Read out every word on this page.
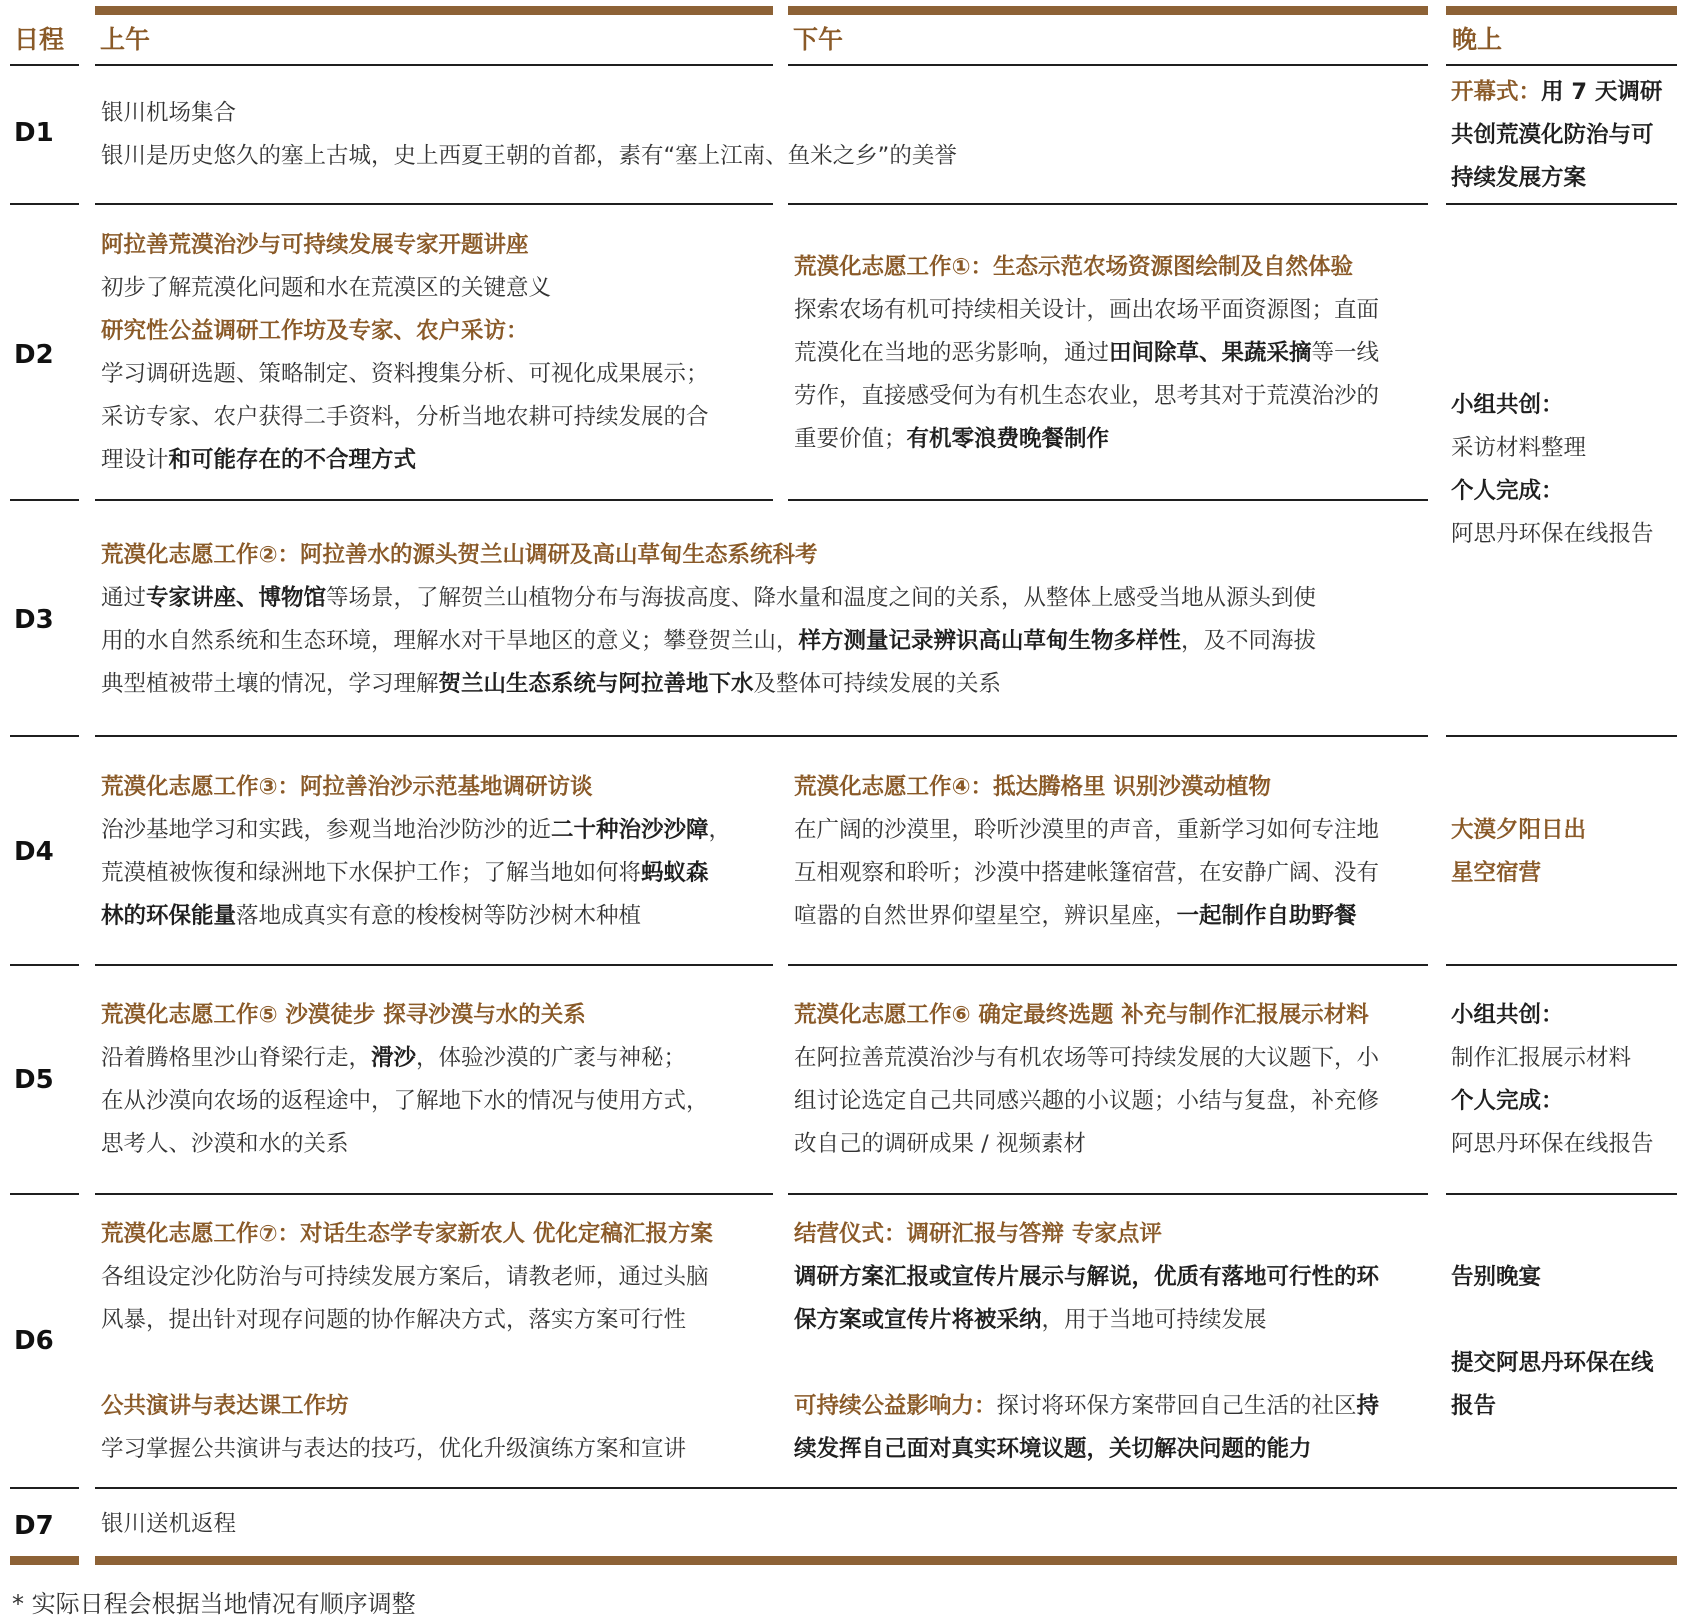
日程 上午	下午	晚上
D1
银川机场集合
银川是历史悠久的塞上古城，史上西夏王朝的首都，素有“塞上江南、鱼米之乡”的美誉
开幕式：用 7 天调研
共创荒漠化防治与可
持续发展方案
D2
阿拉善荒漠治沙与可持续发展专家开题讲座
初步了解荒漠化问题和水在荒漠区的关键意义
研究性公益调研工作坊及专家、农户采访：
学习调研选题、策略制定、资料搜集分析、可视化成果展示；
采访专家、农户获得二手资料，分析当地农耕可持续发展的合
理设计和可能存在的不合理方式
荒漠化志愿工作①：生态示范农场资源图绘制及自然体验
探索农场有机可持续相关设计，画出农场平面资源图；直面
荒漠化在当地的恶劣影响，通过田间除草、果蔬采摘等一线
劳作，直接感受何为有机生态农业，思考其对于荒漠治沙的
重要价值；有机零浪费晚餐制作
小组共创：
采访材料整理
个人完成：
阿思丹环保在线报告
D3
荒漠化志愿工作②：阿拉善水的源头贺兰山调研及高山草甸生态系统科考
通过专家讲座、博物馆等场景，了解贺兰山植物分布与海拔高度、降水量和温度之间的关系，从整体上感受当地从源头到使
用的水自然系统和生态环境，理解水对干旱地区的意义；攀登贺兰山，样方测量记录辨识高山草甸生物多样性，及不同海拔
典型植被带土壤的情况，学习理解贺兰山生态系统与阿拉善地下水及整体可持续发展的关系
D4
荒漠化志愿工作③：阿拉善治沙示范基地调研访谈
治沙基地学习和实践，参观当地治沙防沙的近二十种治沙沙障，
荒漠植被恢復和绿洲地下水保护工作；了解当地如何将蚂蚁森
林的环保能量落地成真实有意的梭梭树等防沙树木种植
荒漠化志愿工作④：抵达腾格里 识别沙漠动植物
在广阔的沙漠里，聆听沙漠里的声音，重新学习如何专注地
互相观察和聆听；沙漠中搭建帐篷宿营，在安静广阔、没有
喧嚣的自然世界仰望星空，辨识星座，一起制作自助野餐
大漠夕阳日出
星空宿营
D5
荒漠化志愿工作⑤ 沙漠徒步 探寻沙漠与水的关系
沿着腾格里沙山脊梁行走，滑沙，体验沙漠的广袤与神秘；
在从沙漠向农场的返程途中，了解地下水的情况与使用方式，
思考人、沙漠和水的关系
荒漠化志愿工作⑥ 确定最终选题 补充与制作汇报展示材料
在阿拉善荒漠治沙与有机农场等可持续发展的大议题下，小
组讨论选定自己共同感兴趣的小议题；小结与复盘，补充修
改自己的调研成果 / 视频素材
小组共创：
制作汇报展示材料
个人完成：
阿思丹环保在线报告
D6
荒漠化志愿工作⑦：对话生态学专家新农人 优化定稿汇报方案
各组设定沙化防治与可持续发展方案后，请教老师，通过头脑
风暴，提出针对现存问题的协作解决方式，落实方案可行性
公共演讲与表达课工作坊
学习掌握公共演讲与表达的技巧，优化升级演练方案和宣讲
结营仪式：调研汇报与答辩 专家点评
调研方案汇报或宣传片展示与解说，优质有落地可行性的环
保方案或宣传片将被采纳，用于当地可持续发展
可持续公益影响力：探讨将环保方案带回自己生活的社区持
续发挥自己面对真实环境议题，关切解决问题的能力
告别晚宴
提交阿思丹环保在线
报告
D7 银川送机返程
* 实际日程会根据当地情况有顺序调整
